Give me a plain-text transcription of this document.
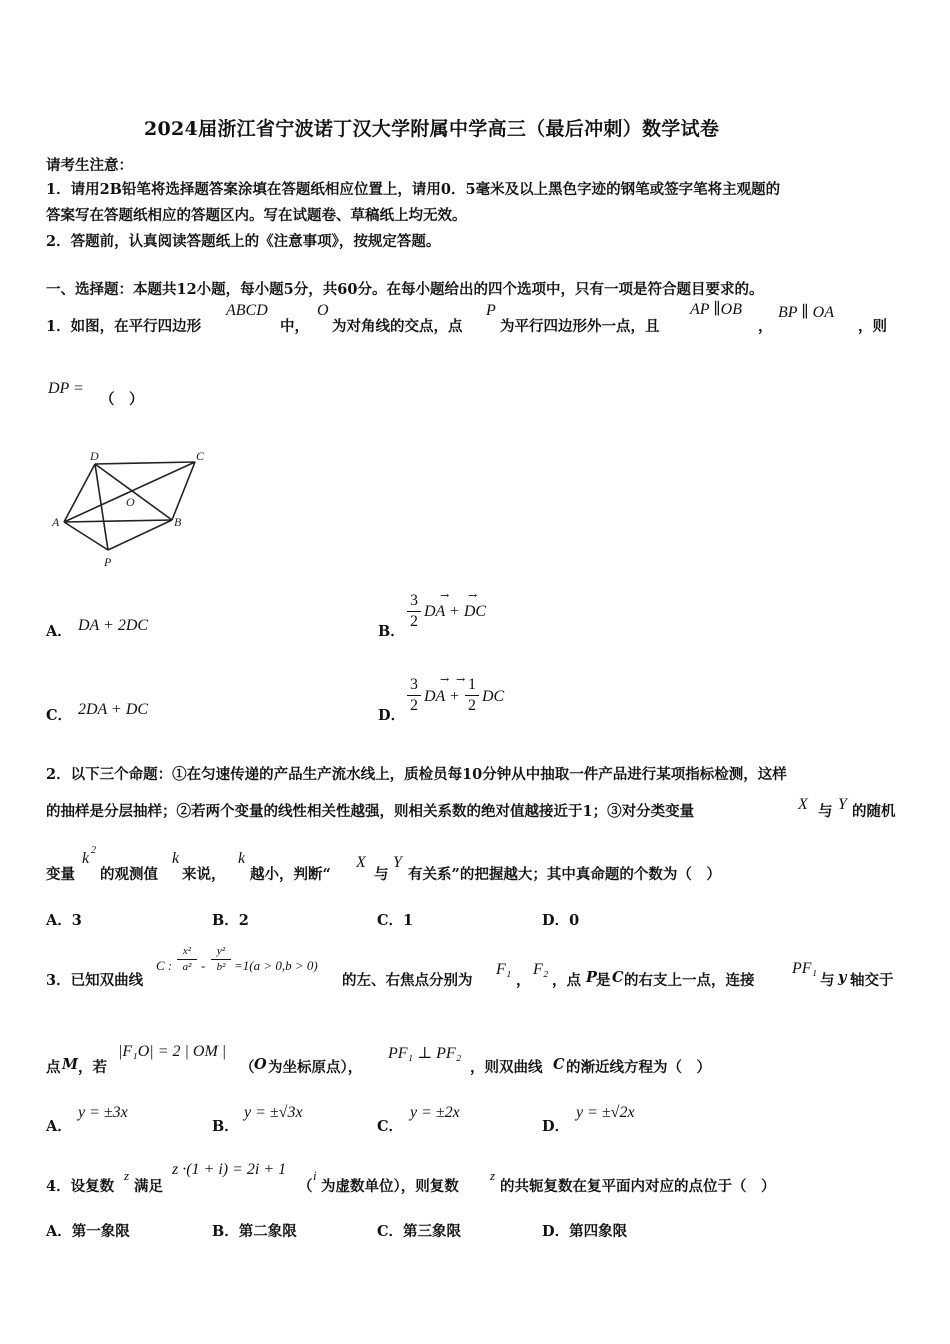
2024届浙江省宁波诺丁汉大学附属中学高三（最后冲刺）数学试卷
请考生注意：
1．请用2B铅笔将选择题答案涂填在答题纸相应位置上，请用0．5毫米及以上黑色字迹的钢笔或签字笔将主观题的
答案写在答题纸相应的答题区内。写在试题卷、草稿纸上均无效。
2．答题前，认真阅读答题纸上的《注意事项》，按规定答题。
一、选择题：本题共12小题，每小题5分，共60分。在每小题给出的四个选项中，只有一项是符合题目要求的。
1．如图，在平行四边形
ABCD
中，
O
为对角线的交点，点
P
为平行四边形外一点，且
AP ∥OB
，
BP ∥ OA
，则
DP =
（　）
D	C
A	B
O
P
A． DA + 2DC	B．
3
2
→ →
DA + DC
C． 2DA + DC	D．
3
2
→
DA +
1
2
→
DC
2．以下三个命题：①在匀速传递的产品生产流水线上，质检员每10分钟从中抽取一件产品进行某项指标检测，这样
的抽样是分层抽样；②若两个变量的线性相关性越强，则相关系数的绝对值越接近于1；③对分类变量	X 与 Y 的随机
变量
k 2
的观测值
k
来说，
k
越小，判断“
X
与
Y
有关系”的把握越大；其中真命题的个数为（　）
A．3	B．2	C．1	D．0
3．已知双曲线
C :
x²
a² -
y²
b² =1(a > 0,b > 0)
的左、右焦点分别为
F₁
，
F₂
，点 P 是 C 的右支上一点，连接
PF₁
与 y 轴交于
点 M ，若
|F₁O| = 2 | OM |
（ O 为坐标原点），
PF₁ ⊥ PF₂
，则双曲线 C 的渐近线方程为（　）
A．
y = ±3x
B．
y = ±√3x
C．
y = ±2x
D．
y = ±√2x
4．设复数
z
满足
z ·(1 + i) = 2i + 1
（
i
为虚数单位），则复数
z
的共轭复数在复平面内对应的点位于（　）
A．第一象限	B．第二象限	C．第三象限	D．第四象限
